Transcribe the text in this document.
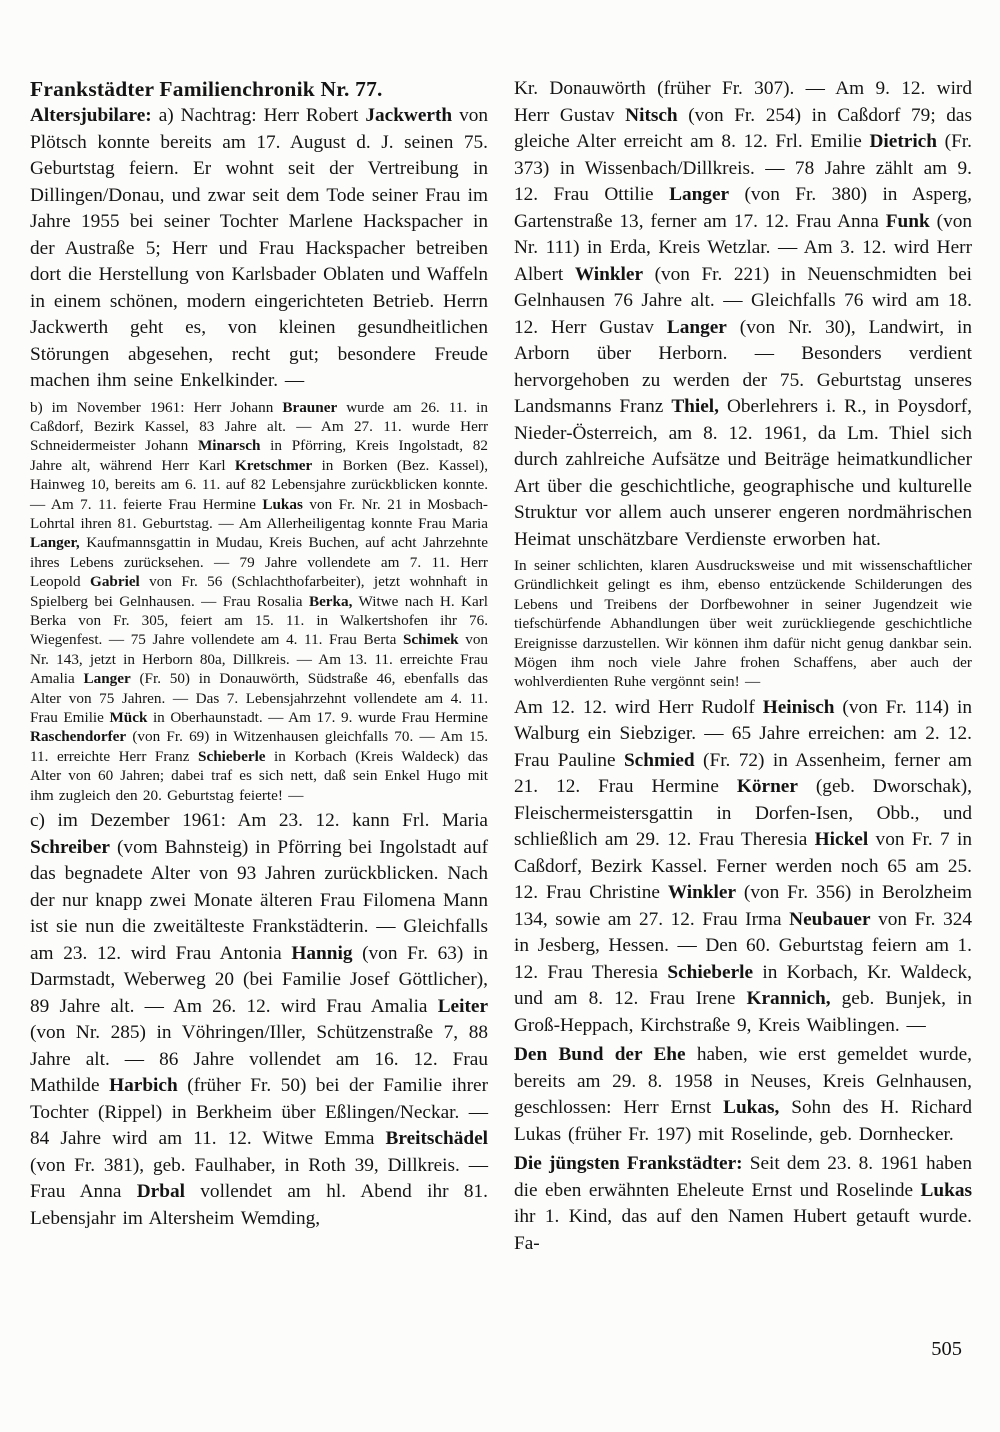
Frankstädter Familienchronik Nr. 77.

Altersjubilare: a) Nachtrag: Herr Robert Jackwerth von Plötsch konnte bereits am 17. August d. J. seinen 75. Geburtstag feiern. Er wohnt seit der Vertreibung in Dillingen/Donau, und zwar seit dem Tode seiner Frau im Jahre 1955 bei seiner Tochter Marlene Hackspacher in der Austraße 5; Herr und Frau Hackspacher betreiben dort die Herstellung von Karlsbader Oblaten und Waffeln in einem schönen, modern eingerichteten Betrieb. Herrn Jackwerth geht es, von kleinen gesundheitlichen Störungen abgesehen, recht gut; besondere Freude machen ihm seine Enkelkinder. —

b) im November 1961: Herr Johann Brauner wurde am 26. 11. in Caßdorf, Bezirk Kassel, 83 Jahre alt. — Am 27. 11. wurde Herr Schneidermeister Johann Minarsch in Pförring, Kreis Ingolstadt, 82 Jahre alt, während Herr Karl Kretschmer in Borken (Bez. Kassel), Hainweg 10, bereits am 6. 11. auf 82 Lebensjahre zurückblicken konnte. — Am 7. 11. feierte Frau Hermine Lukas von Fr. Nr. 21 in Mosbach-Lohrtal ihren 81. Geburtstag. — Am Allerheiligentag konnte Frau Maria Langer, Kaufmannsgattin in Mudau, Kreis Buchen, auf acht Jahrzehnte ihres Lebens zurücksehen. — 79 Jahre vollendete am 7. 11. Herr Leopold Gabriel von Fr. 56 (Schlachthofarbeiter), jetzt wohnhaft in Spielberg bei Gelnhausen. — Frau Rosalia Berka, Witwe nach H. Karl Berka von Fr. 305, feiert am 15. 11. in Walkertshofen ihr 76. Wiegenfest. — 75 Jahre vollendete am 4. 11. Frau Berta Schimek von Nr. 143, jetzt in Herborn 80a, Dillkreis. — Am 13. 11. erreichte Frau Amalia Langer (Fr. 50) in Donauwörth, Südstraße 46, ebenfalls das Alter von 75 Jahren. — Das 7. Lebensjahrzehnt vollendete am 4. 11. Frau Emilie Mück in Oberhaunstadt. — Am 17. 9. wurde Frau Hermine Raschendorfer (von Fr. 69) in Witzenhausen gleichfalls 70. — Am 15. 11. erreichte Herr Franz Schieberle in Korbach (Kreis Waldeck) das Alter von 60 Jahren; dabei traf es sich nett, daß sein Enkel Hugo mit ihm zugleich den 20. Geburtstag feierte! —

c) im Dezember 1961: Am 23. 12. kann Frl. Maria Schreiber (vom Bahnsteig) in Pförring bei Ingolstadt auf das begnadete Alter von 93 Jahren zurückblicken. Nach der nur knapp zwei Monate älteren Frau Filomena Mann ist sie nun die zweitälteste Frankstädterin. — Gleichfalls am 23. 12. wird Frau Antonia Hannig (von Fr. 63) in Darmstadt, Weberweg 20 (bei Familie Josef Göttlicher), 89 Jahre alt. — Am 26. 12. wird Frau Amalia Leiter (von Nr. 285) in Vöhringen/Iller, Schützenstraße 7, 88 Jahre alt. — 86 Jahre vollendet am 16. 12. Frau Mathilde Harbich (früher Fr. 50) bei der Familie ihrer Tochter (Rippel) in Berkheim über Eßlingen/Neckar. — 84 Jahre wird am 11. 12. Witwe Emma Breitschädel (von Fr. 381), geb. Faulhaber, in Roth 39, Dillkreis. — Frau Anna Drbal vollendet am hl. Abend ihr 81. Lebensjahr im Altersheim Wemding,

Kr. Donauwörth (früher Fr. 307). — Am 9. 12. wird Herr Gustav Nitsch (von Fr. 254) in Caßdorf 79; das gleiche Alter erreicht am 8. 12. Frl. Emilie Dietrich (Fr. 373) in Wissenbach/Dillkreis. — 78 Jahre zählt am 9. 12. Frau Ottilie Langer (von Fr. 380) in Asperg, Gartenstraße 13, ferner am 17. 12. Frau Anna Funk (von Nr. 111) in Erda, Kreis Wetzlar. — Am 3. 12. wird Herr Albert Winkler (von Fr. 221) in Neuenschmidten bei Gelnhausen 76 Jahre alt. — Gleichfalls 76 wird am 18. 12. Herr Gustav Langer (von Nr. 30), Landwirt, in Arborn über Herborn. — Besonders verdient hervorgehoben zu werden der 75. Geburtstag unseres Landsmanns Franz Thiel, Oberlehrers i. R., in Poysdorf, Nieder-Österreich, am 8. 12. 1961, da Lm. Thiel sich durch zahlreiche Aufsätze und Beiträge heimatkundlicher Art über die geschichtliche, geographische und kulturelle Struktur vor allem auch unserer engeren nordmährischen Heimat unschätzbare Verdienste erworben hat.

In seiner schlichten, klaren Ausdrucksweise und mit wissenschaftlicher Gründlichkeit gelingt es ihm, ebenso entzückende Schilderungen des Lebens und Treibens der Dorfbewohner in seiner Jugendzeit wie tiefschürfende Abhandlungen über weit zurückliegende geschichtliche Ereignisse darzustellen. Wir können ihm dafür nicht genug dankbar sein. Mögen ihm noch viele Jahre frohen Schaffens, aber auch der wohlverdienten Ruhe vergönnt sein! —

Am 12. 12. wird Herr Rudolf Heinisch (von Fr. 114) in Walburg ein Siebziger. — 65 Jahre erreichen: am 2. 12. Frau Pauline Schmied (Fr. 72) in Assenheim, ferner am 21. 12. Frau Hermine Körner (geb. Dworschak), Fleischermeistersgattin in Dorfen-Isen, Obb., und schließlich am 29. 12. Frau Theresia Hickel von Fr. 7 in Caßdorf, Bezirk Kassel. Ferner werden noch 65 am 25. 12. Frau Christine Winkler (von Fr. 356) in Berolzheim 134, sowie am 27. 12. Frau Irma Neubauer von Fr. 324 in Jesberg, Hessen. — Den 60. Geburtstag feiern am 1. 12. Frau Theresia Schieberle in Korbach, Kr. Waldeck, und am 8. 12. Frau Irene Krannich, geb. Bunjek, in Groß-Heppach, Kirchstraße 9, Kreis Waiblingen. —

Den Bund der Ehe haben, wie erst gemeldet wurde, bereits am 29. 8. 1958 in Neuses, Kreis Gelnhausen, geschlossen: Herr Ernst Lukas, Sohn des H. Richard Lukas (früher Fr. 197) mit Roselinde, geb. Dornhecker.

Die jüngsten Frankstädter: Seit dem 23. 8. 1961 haben die eben erwähnten Eheleute Ernst und Roselinde Lukas ihr 1. Kind, das auf den Namen Hubert getauft wurde. Fa-

505
